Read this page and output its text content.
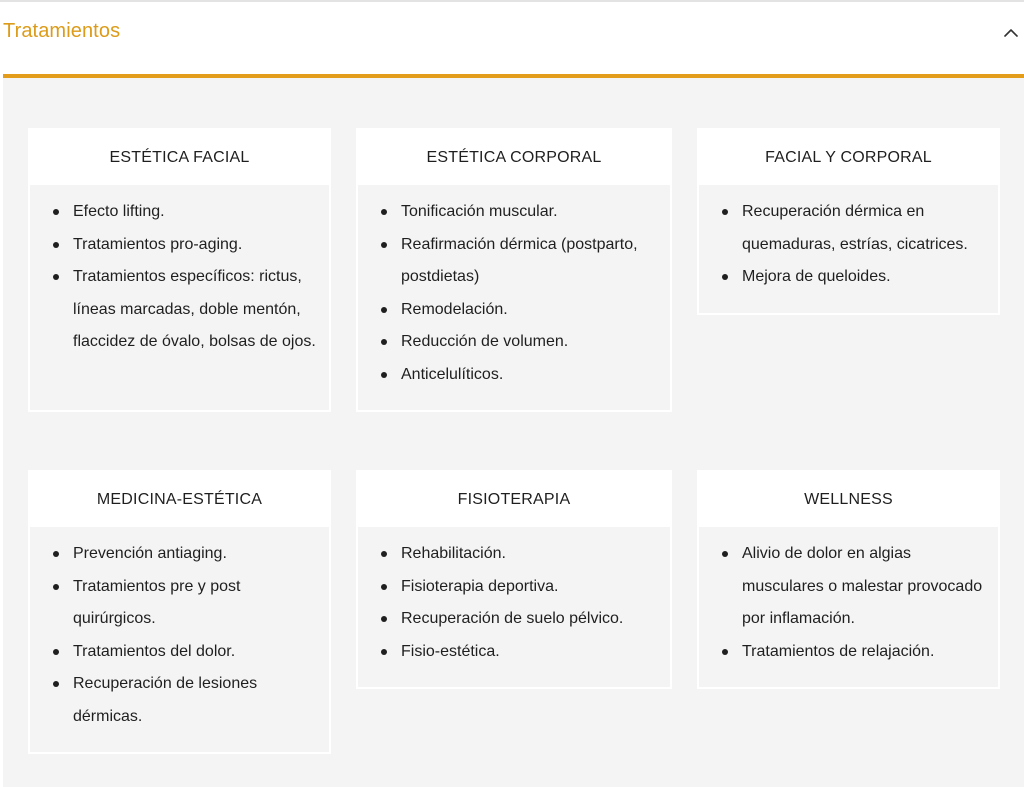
Tratamientos
ESTÉTICA FACIAL
Efecto lifting.
Tratamientos pro-aging.
Tratamientos específicos: rictus, líneas marcadas, doble mentón, flaccidez de óvalo, bolsas de ojos.
ESTÉTICA CORPORAL
Tonificación muscular.
Reafirmación dérmica (postparto, postdietas)
Remodelación.
Reducción de volumen.
Anticelulíticos.
FACIAL Y CORPORAL
Recuperación dérmica en quemaduras, estrías, cicatrices.
Mejora de queloides.
MEDICINA-ESTÉTICA
Prevención antiaging.
Tratamientos pre y post quirúrgicos.
Tratamientos del dolor.
Recuperación de lesiones dérmicas.
FISIOTERAPIA
Rehabilitación.
Fisioterapia deportiva.
Recuperación de suelo pélvico.
Fisio-estética.
WELLNESS
Alivio de dolor en algias musculares o malestar provocado por inflamación.
Tratamientos de relajación.
